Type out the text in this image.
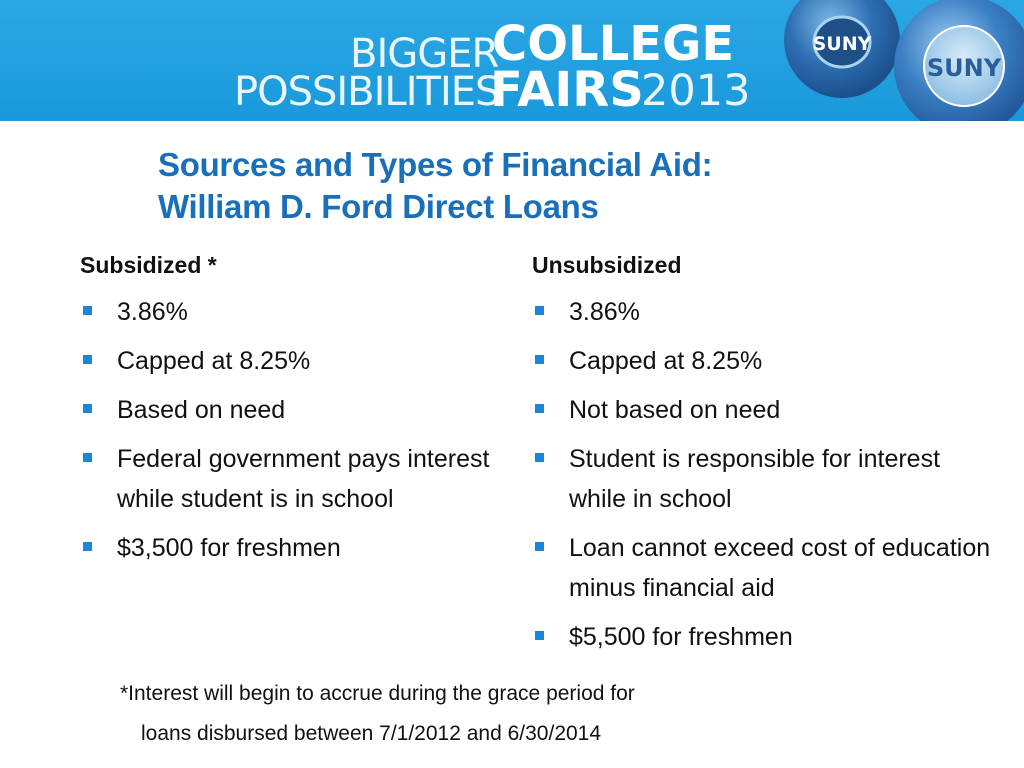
BIGGER
COLLEGE
POSSIBILITIES
FAIRS
2013
SUNY
SUNY
Sources and Types of Financial Aid:
William D. Ford Direct Loans
Subsidized *
3.86%
Capped at 8.25%
Based on need
Federal government pays interest while student is in school
$3,500 for freshmen
Unsubsidized
3.86%
Capped at 8.25%
Not based on need
Student is responsible for interest while in school
Loan cannot exceed cost of education minus financial aid
$5,500 for freshmen
*Interest will begin to accrue during the grace period for
loans disbursed between 7/1/2012 and 6/30/2014
